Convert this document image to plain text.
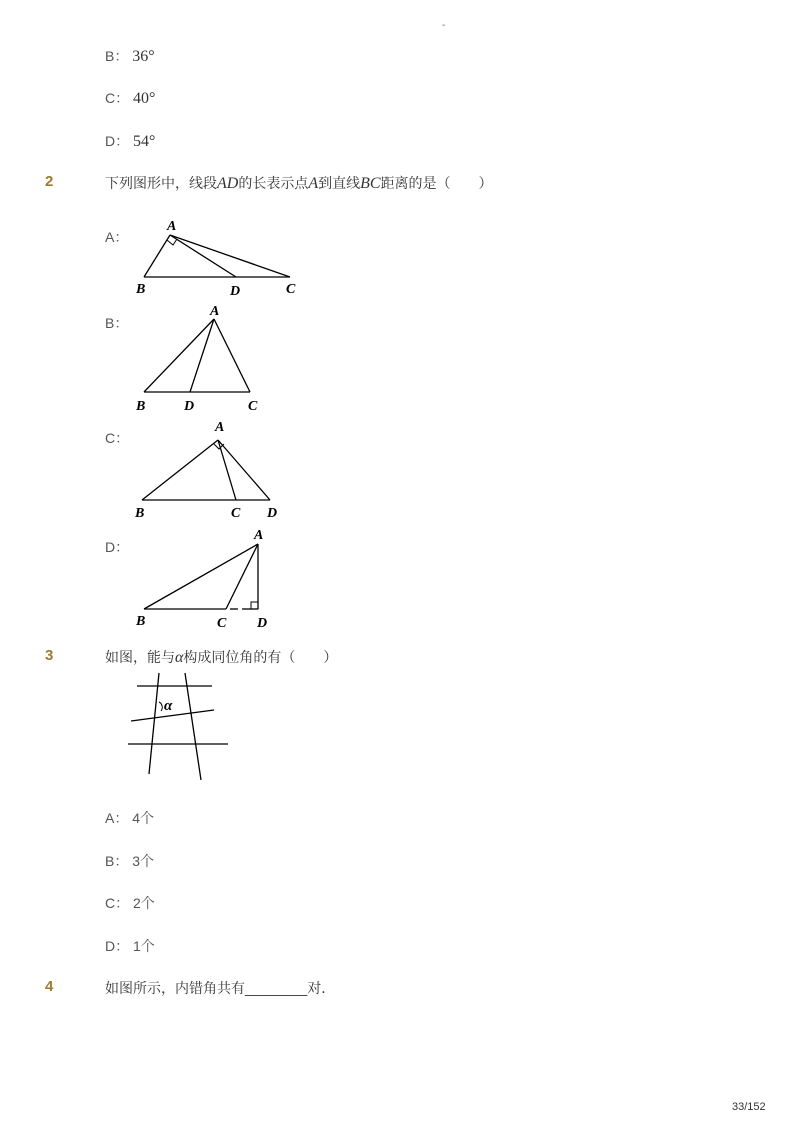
-
B： 36°
C： 40°
D： 54°
2	下列图形中，线段AD的长表示点A到直线BC距离的是（　　）
A：
A
B	D	C
B：
A
B	D	C
C：
A
B	C D
D：
A
B	C D
3	如图，能与α构成同位角的有（　　）
α
A： 4个
B： 3个
C： 2个
D： 1个
4	如图所示，内错角共有________对．
33/152
